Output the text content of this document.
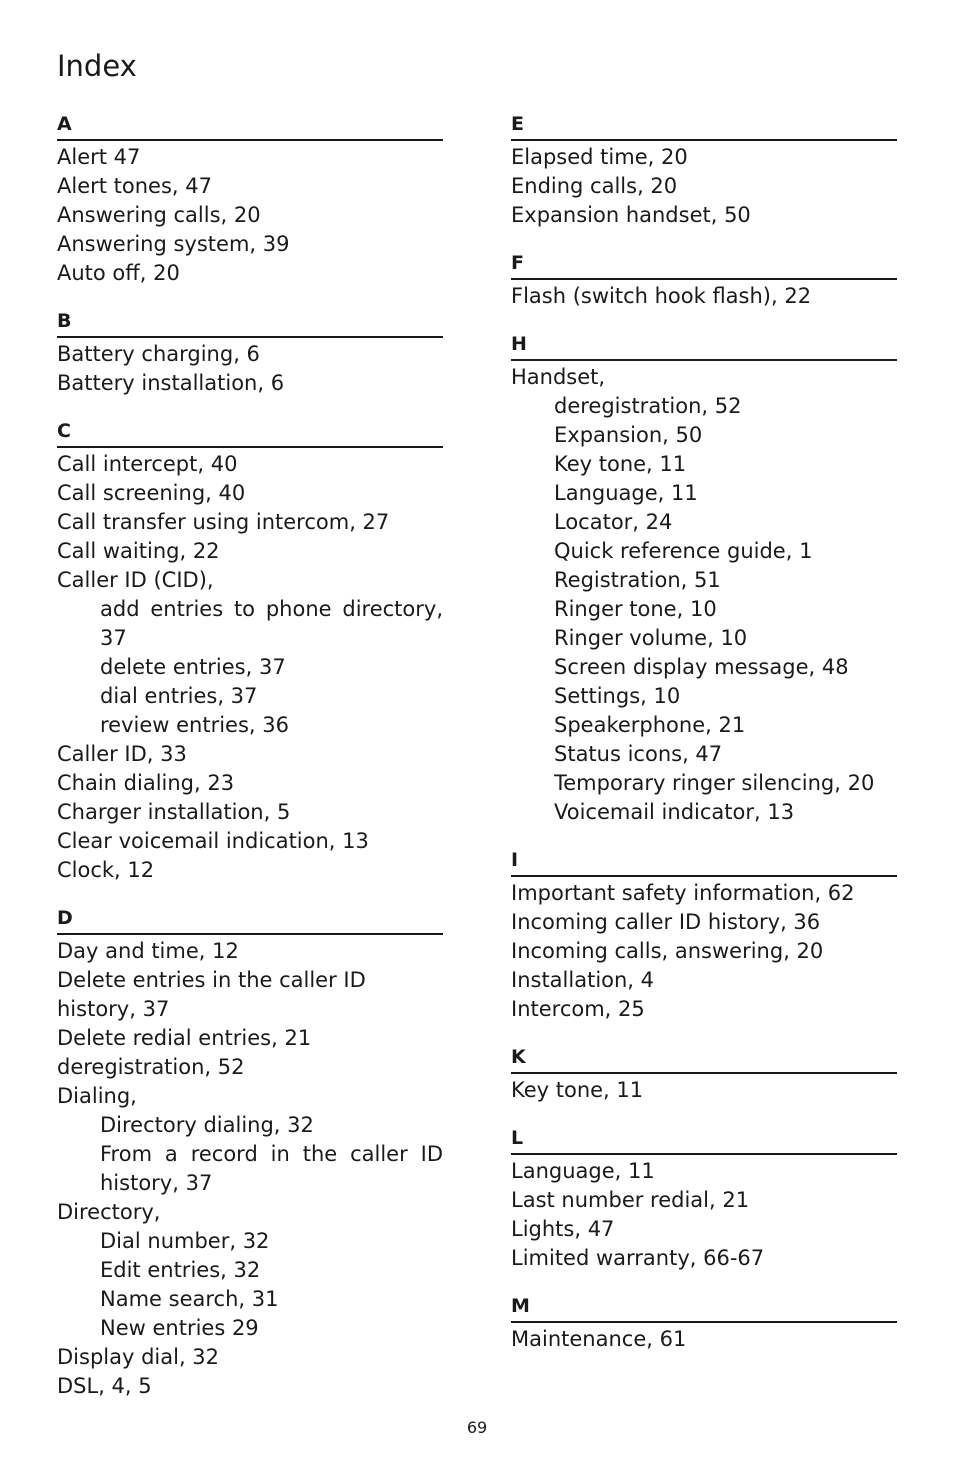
Index
A
Alert 47
Alert tones, 47
Answering calls, 20
Answering system, 39
Auto off, 20
B
Battery charging, 6
Battery installation, 6
C
Call intercept, 40
Call screening, 40
Call transfer using intercom, 27
Call waiting, 22
Caller ID (CID),
add entries to phone directory, 37
delete entries, 37
dial entries, 37
review entries, 36
Caller ID, 33
Chain dialing, 23
Charger installation, 5
Clear voicemail indication, 13
Clock, 12
D
Day and time, 12
Delete entries in the caller ID history, 37
Delete redial entries, 21
deregistration, 52
Dialing,
Directory dialing, 32
From a record in the caller ID history, 37
Directory,
Dial number, 32
Edit entries, 32
Name search, 31
New entries 29
Display dial, 32
DSL, 4, 5
E
Elapsed time, 20
Ending calls, 20
Expansion handset, 50
F
Flash (switch hook flash), 22
H
Handset,
deregistration, 52
Expansion, 50
Key tone, 11
Language, 11
Locator, 24
Quick reference guide, 1
Registration, 51
Ringer tone, 10
Ringer volume, 10
Screen display message, 48
Settings, 10
Speakerphone, 21
Status icons, 47
Temporary ringer silencing, 20
Voicemail indicator, 13
I
Important safety information, 62
Incoming caller ID history, 36
Incoming calls, answering, 20
Installation, 4
Intercom, 25
K
Key tone, 11
L
Language, 11
Last number redial, 21
Lights, 47
Limited warranty, 66-67
M
Maintenance, 61
69
